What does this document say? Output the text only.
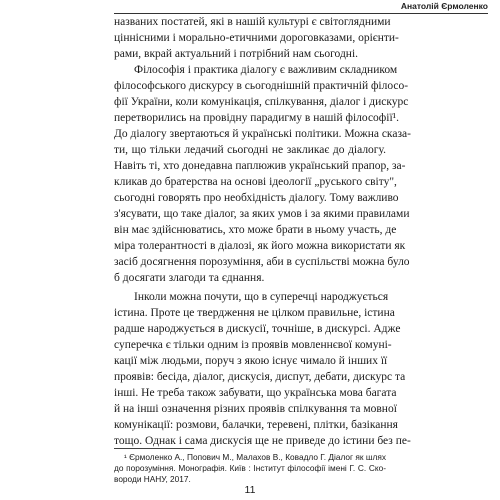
Анатолій Єрмоленко
названих постатей, які в нашій культурі є світоглядними
ціннісними і морально-етичними дороговказами, орієнти-
рами, вкрай актуальний і потрібний нам сьогодні.
Філософія і практика діалогу є важливим складником
філософського дискурсу в сьогоднішній практичній філосо-
фії України, коли комунікація, спілкування, діалог і дискурс
перетворились на провідну парадигму в нашій філософії¹.
До діалогу звертаються й українські політики. Можна сказа-
ти, що тільки ледачий сьогодні не закликає до діалогу.
Навіть ті, хто донедавна паплюжив український прапор, за-
кликав до братерства на основі ідеології „руського світу",
сьогодні говорять про необхідність діалогу. Тому важливо
з'ясувати, що таке діалог, за яких умов і за якими правилами
він має здійснюватись, хто може брати в ньому участь, де
міра толерантності в діалозі, як його можна використати як
засіб досягнення порозуміння, аби в суспільстві можна було
б досягати злагоди та єднання.
Інколи можна почути, що в суперечці народжується
істина. Проте це твердження не цілком правильне, істина
радше народжується в дискусії, точніше, в дискурсі. Адже
суперечка є тільки одним із проявів мовленнєвої комуні-
кації між людьми, поруч з якою існує чимало й інших її
проявів: бесіда, діалог, дискусія, диспут, дебати, дискурс та
інші. Не треба також забувати, що українська мова багата
й на інші означення різних проявів спілкування та мовної
комунікації: розмови, балачки, теревені, плітки, базікання
тощо. Однак і сама дискусія ще не приведе до істини без пе-
¹ Єрмоленко А., Попович М., Малахов В., Ковадло Г. Діалог як шлях
до порозуміння. Монографія. Київ : Інститут філософії імені Г. С. Ско-
вороди НАНУ, 2017.
11
